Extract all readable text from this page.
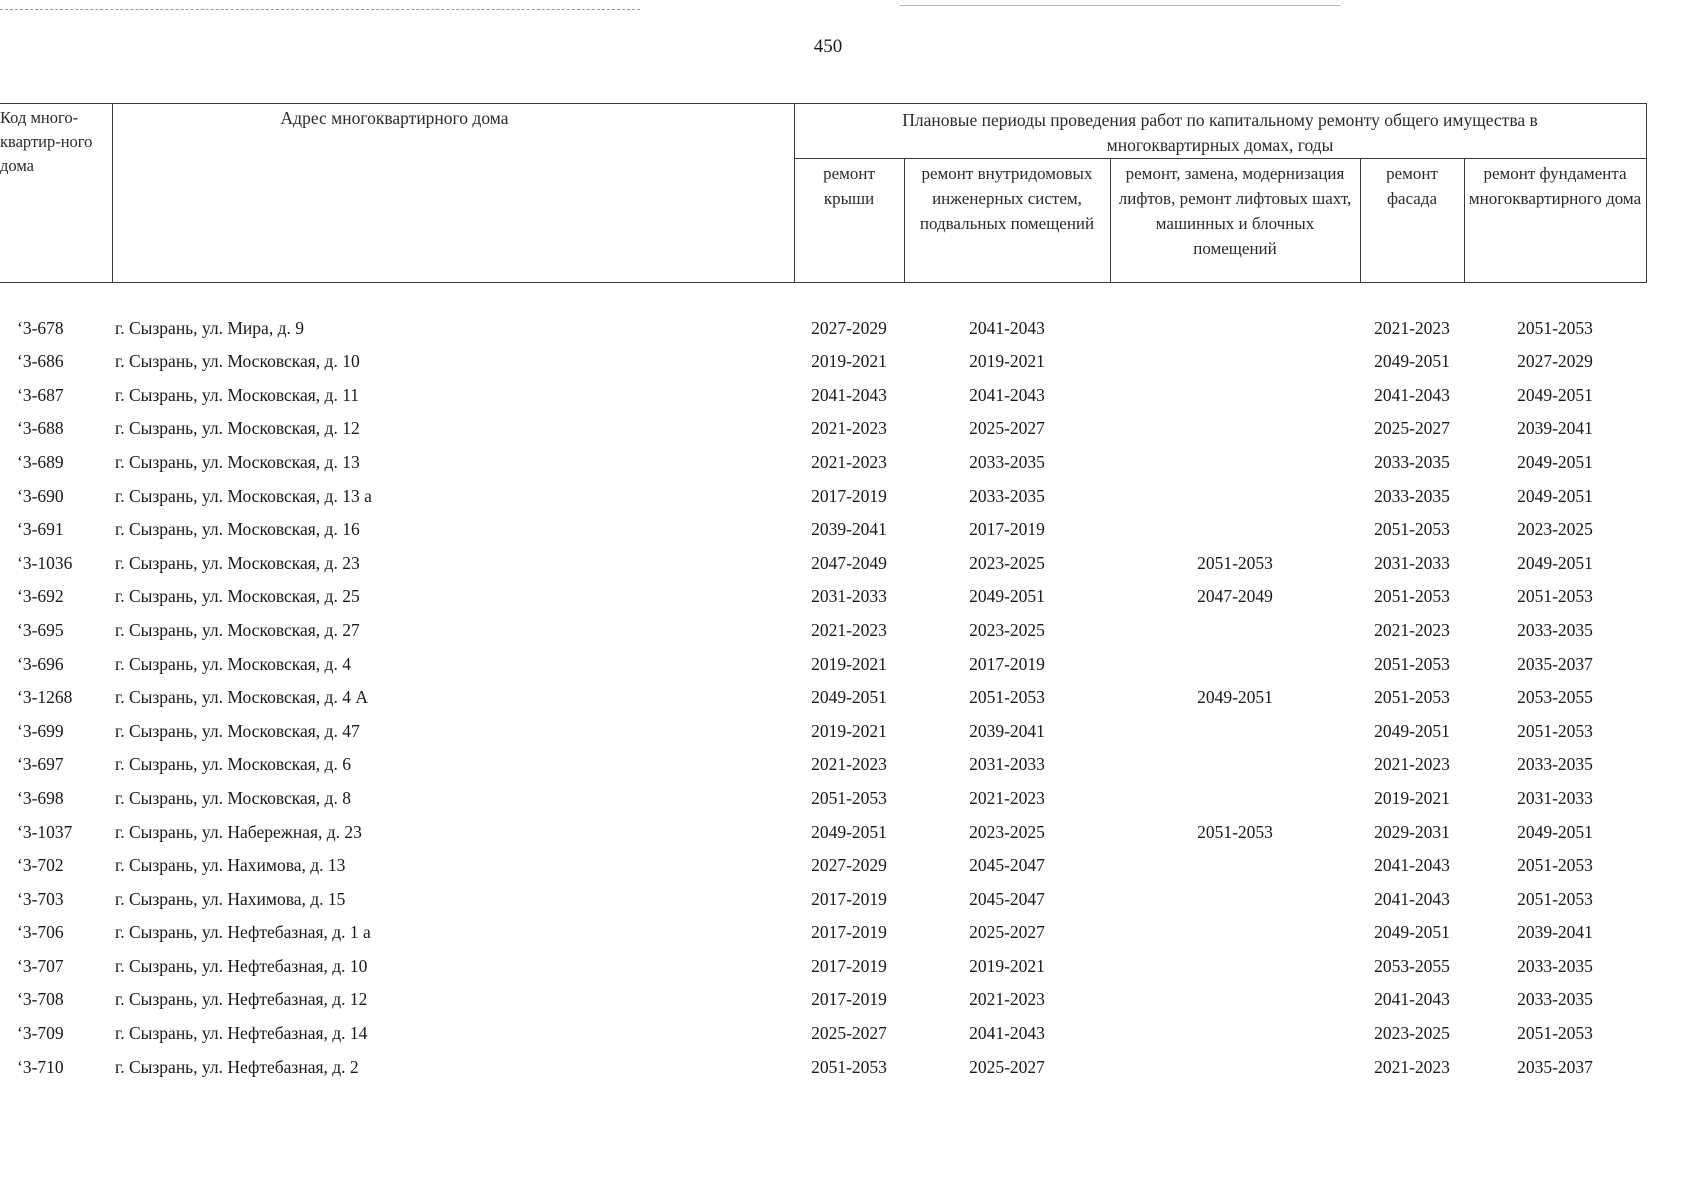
450
Код много-квартир-ного дома	Адрес многоквартирного дома	Плановые периоды проведения работ по капитальному ремонту общего имущества в многоквартирных домах, годы				
		ремонт крыши	ремонт внутридомовых инженерных систем, подвальных помещений	ремонт, замена, модернизация лифтов, ремонт лифтовых шахт, машинных и блочных помещений	ремонт фасада	ремонт фундамента многоквартирного дома

‘3-678	г. Сызрань, ул. Мира, д. 9	2027-2029	2041-2043		2021-2023	2051-2053
‘3-686	г. Сызрань, ул. Московская, д. 10	2019-2021	2019-2021		2049-2051	2027-2029
‘3-687	г. Сызрань, ул. Московская, д. 11	2041-2043	2041-2043		2041-2043	2049-2051
‘3-688	г. Сызрань, ул. Московская, д. 12	2021-2023	2025-2027		2025-2027	2039-2041
‘3-689	г. Сызрань, ул. Московская, д. 13	2021-2023	2033-2035		2033-2035	2049-2051
‘3-690	г. Сызрань, ул. Московская, д. 13 а	2017-2019	2033-2035		2033-2035	2049-2051
‘3-691	г. Сызрань, ул. Московская, д. 16	2039-2041	2017-2019		2051-2053	2023-2025
‘3-1036	г. Сызрань, ул. Московская, д. 23	2047-2049	2023-2025	2051-2053	2031-2033	2049-2051
‘3-692	г. Сызрань, ул. Московская, д. 25	2031-2033	2049-2051	2047-2049	2051-2053	2051-2053
‘3-695	г. Сызрань, ул. Московская, д. 27	2021-2023	2023-2025		2021-2023	2033-2035
‘3-696	г. Сызрань, ул. Московская, д. 4	2019-2021	2017-2019		2051-2053	2035-2037
‘3-1268	г. Сызрань, ул. Московская, д. 4 А	2049-2051	2051-2053	2049-2051	2051-2053	2053-2055
‘3-699	г. Сызрань, ул. Московская, д. 47	2019-2021	2039-2041		2049-2051	2051-2053
‘3-697	г. Сызрань, ул. Московская, д. 6	2021-2023	2031-2033		2021-2023	2033-2035
‘3-698	г. Сызрань, ул. Московская, д. 8	2051-2053	2021-2023		2019-2021	2031-2033
‘3-1037	г. Сызрань, ул. Набережная, д. 23	2049-2051	2023-2025	2051-2053	2029-2031	2049-2051
‘3-702	г. Сызрань, ул. Нахимова, д. 13	2027-2029	2045-2047		2041-2043	2051-2053
‘3-703	г. Сызрань, ул. Нахимова, д. 15	2017-2019	2045-2047		2041-2043	2051-2053
‘3-706	г. Сызрань, ул. Нефтебазная, д. 1 а	2017-2019	2025-2027		2049-2051	2039-2041
‘3-707	г. Сызрань, ул. Нефтебазная, д. 10	2017-2019	2019-2021		2053-2055	2033-2035
‘3-708	г. Сызрань, ул. Нефтебазная, д. 12	2017-2019	2021-2023		2041-2043	2033-2035
‘3-709	г. Сызрань, ул. Нефтебазная, д. 14	2025-2027	2041-2043		2023-2025	2051-2053
‘3-710	г. Сызрань, ул. Нефтебазная, д. 2	2051-2053	2025-2027		2021-2023	2035-2037
